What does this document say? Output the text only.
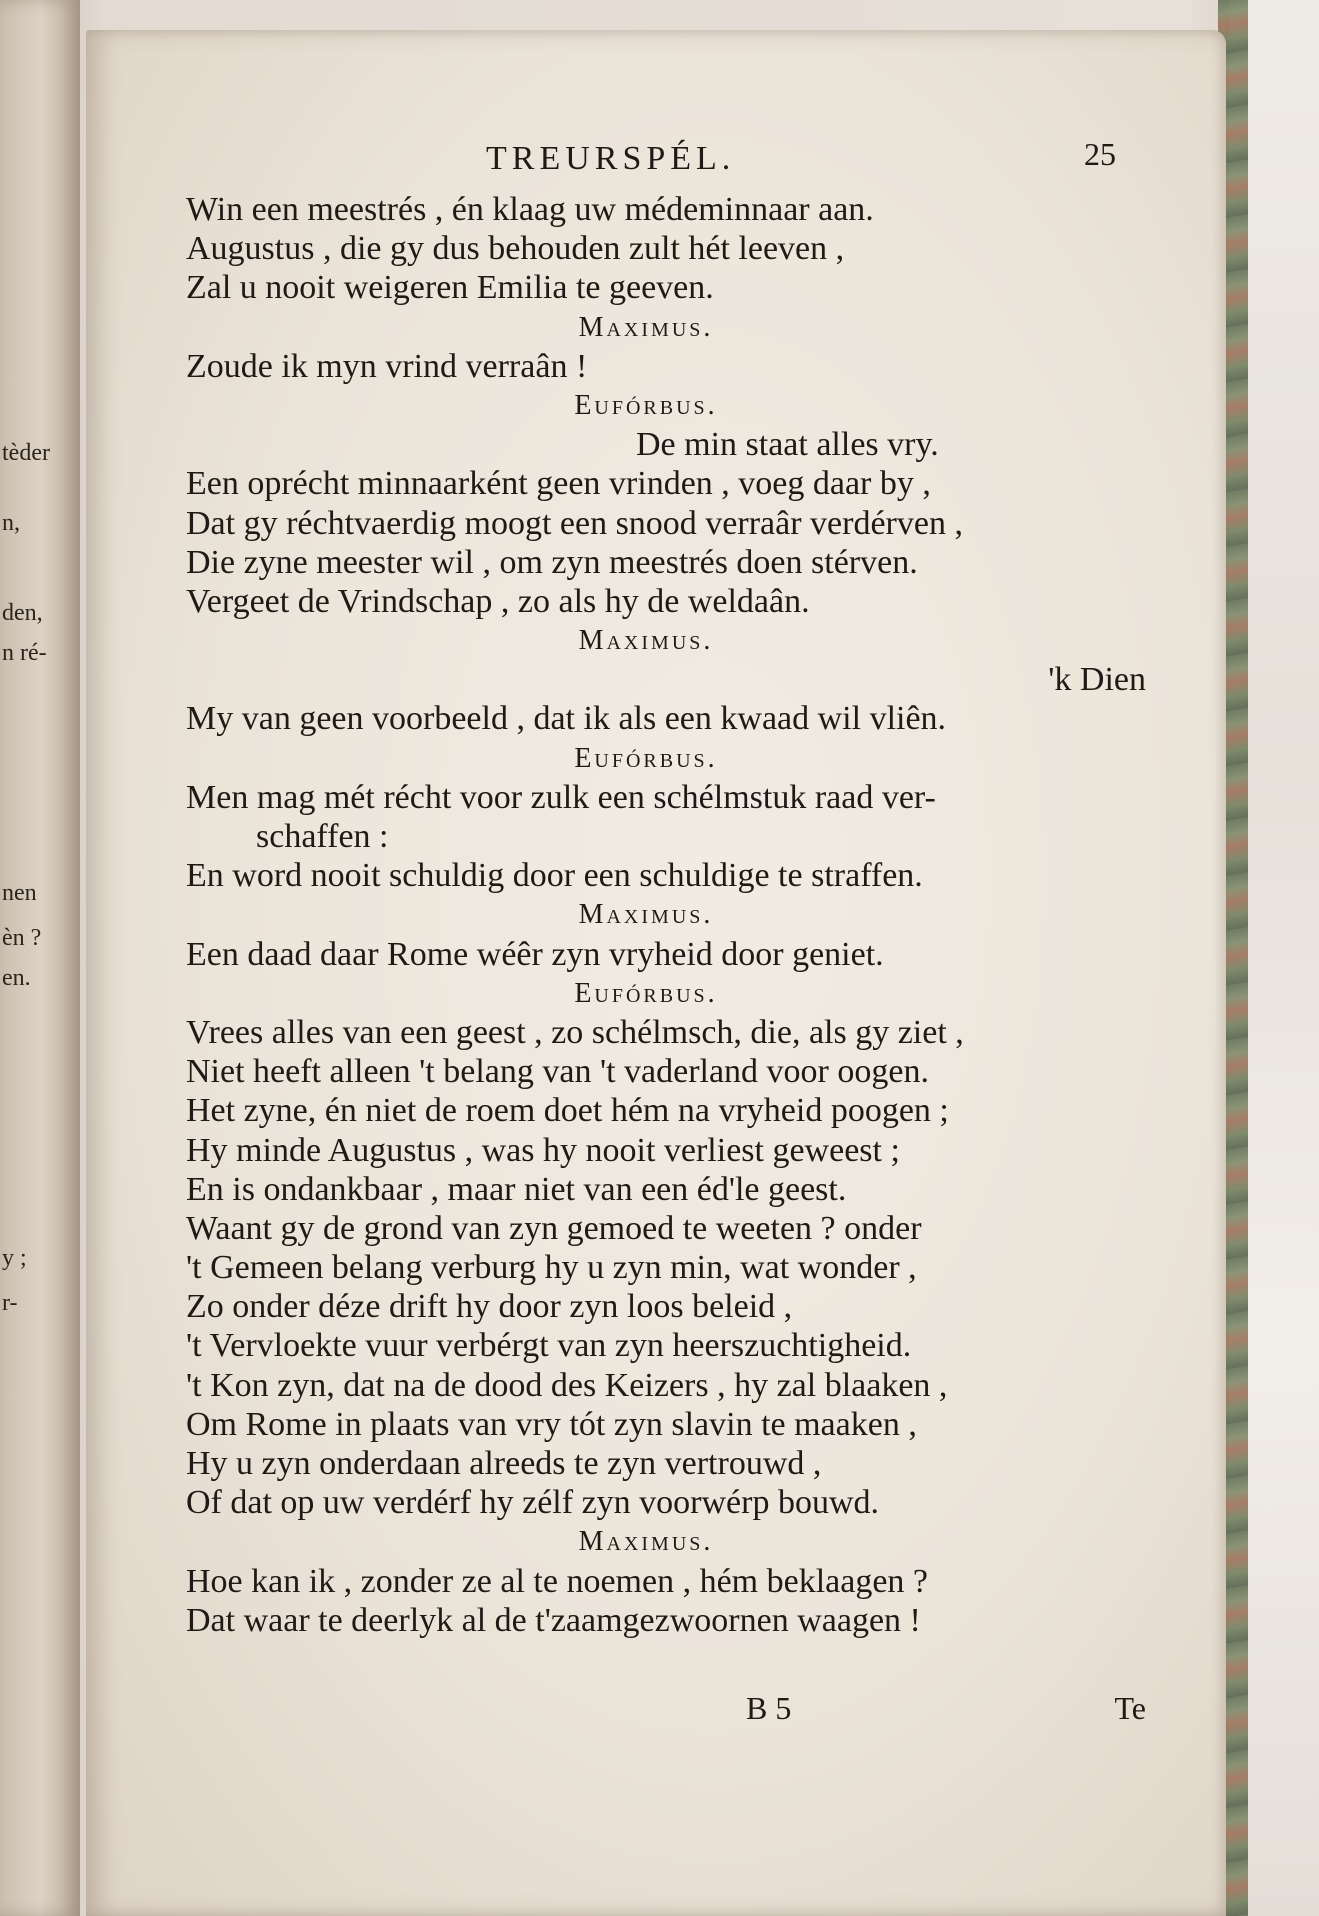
tèder
n,
den,
n ré-
nen
èn ?
en.
y ;
r-
TREURSPÉL.	25
Win een meestrés , én klaag uw médeminnaar aan.
Augustus , die gy dus behouden zult hét leeven ,
Zal u nooit weigeren Emilia te geeven.
Maximus.
Zoude ik myn vrind verraân !
Eufórbus.
De min staat alles vry.
Een oprécht minnaarként geen vrinden , voeg daar by ,
Dat gy réchtvaerdig moogt een snood verraâr verdérven ,
Die zyne meester wil , om zyn meestrés doen stérven.
Vergeet de Vrindschap , zo als hy de weldaân.
Maximus.
'k Dien
My van geen voorbeeld , dat ik als een kwaad wil vliên.
Eufórbus.
Men mag mét récht voor zulk een schélmstuk raad ver-
schaffen :
En word nooit schuldig door een schuldige te straffen.
Maximus.
Een daad daar Rome wéêr zyn vryheid door geniet.
Eufórbus.
Vrees alles van een geest , zo schélmsch, die, als gy ziet ,
Niet heeft alleen 't belang van 't vaderland voor oogen.
Het zyne, én niet de roem doet hém na vryheid poogen ;
Hy minde Augustus , was hy nooit verliest geweest ;
En is ondankbaar , maar niet van een éd'le geest.
Waant gy de grond van zyn gemoed te weeten ? onder
't Gemeen belang verburg hy u zyn min, wat wonder ,
Zo onder déze drift hy door zyn loos beleid ,
't Vervloekte vuur verbérgt van zyn heerszuchtigheid.
't Kon zyn, dat na de dood des Keizers , hy zal blaaken ,
Om Rome in plaats van vry tót zyn slavin te maaken ,
Hy u zyn onderdaan alreeds te zyn vertrouwd ,
Of dat op uw verdérf hy zélf zyn voorwérp bouwd.
Maximus.
Hoe kan ik , zonder ze al te noemen , hém beklaagen ?
Dat waar te deerlyk al de t'zaamgezwoornen waagen !
B 5	Te
